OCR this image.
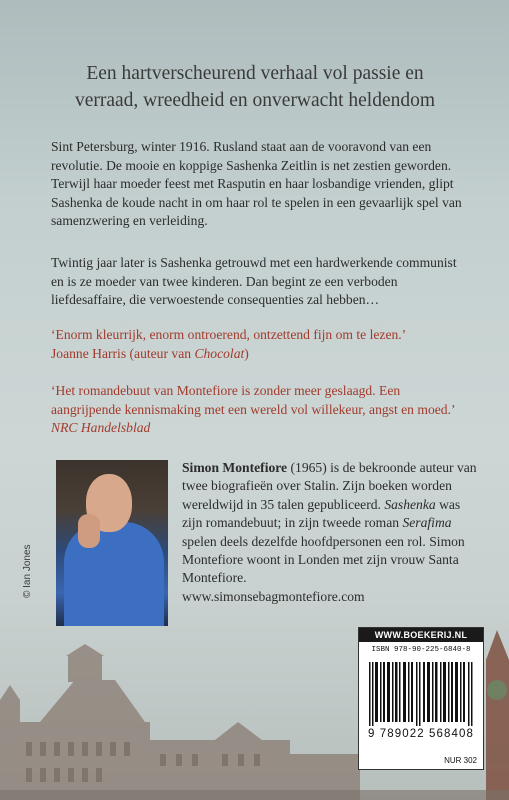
Een hartverscheurend verhaal vol passie en
verraad, wreedheid en onverwacht heldendom

Sint Petersburg, winter 1916. Rusland staat aan de vooravond van een revolutie. De mooie en koppige Sashenka Zeitlin is net zestien geworden. Terwijl haar moeder feest met Rasputin en haar losbandige vrienden, glipt Sashenka de koude nacht in om haar rol te spelen in een gevaarlijk spel van samenzwering en verleiding.

Twintig jaar later is Sashenka getrouwd met een hardwerkende communist en is ze moeder van twee kinderen. Dan begint ze een verboden liefdesaffaire, die verwoestende consequenties zal hebben…

‘Enorm kleurrijk, enorm ontroerend, ontzettend fijn om te lezen.’
Joanne Harris (auteur van Chocolat)
‘Het romandebuut van Montefiore is zonder meer geslaagd. Een aangrijpende kennismaking met een wereld vol willekeur, angst en moed.’ NRC Handelsblad
© Ian Jones
Simon Montefiore (1965) is de bekroonde auteur van twee biografieën over Stalin. Zijn boeken worden wereldwijd in 35 talen gepubliceerd. Sashenka was zijn romandebuut; in zijn tweede roman Serafima spelen deels dezelfde hoofdpersonen een rol. Simon Montefiore woont in Londen met zijn vrouw Santa Montefiore.
www.simonsebagmontefiore.com
WWW.BOEKERIJ.NL
ISBN 978-90-225-6840-8
9 789022 568408
NUR 302
